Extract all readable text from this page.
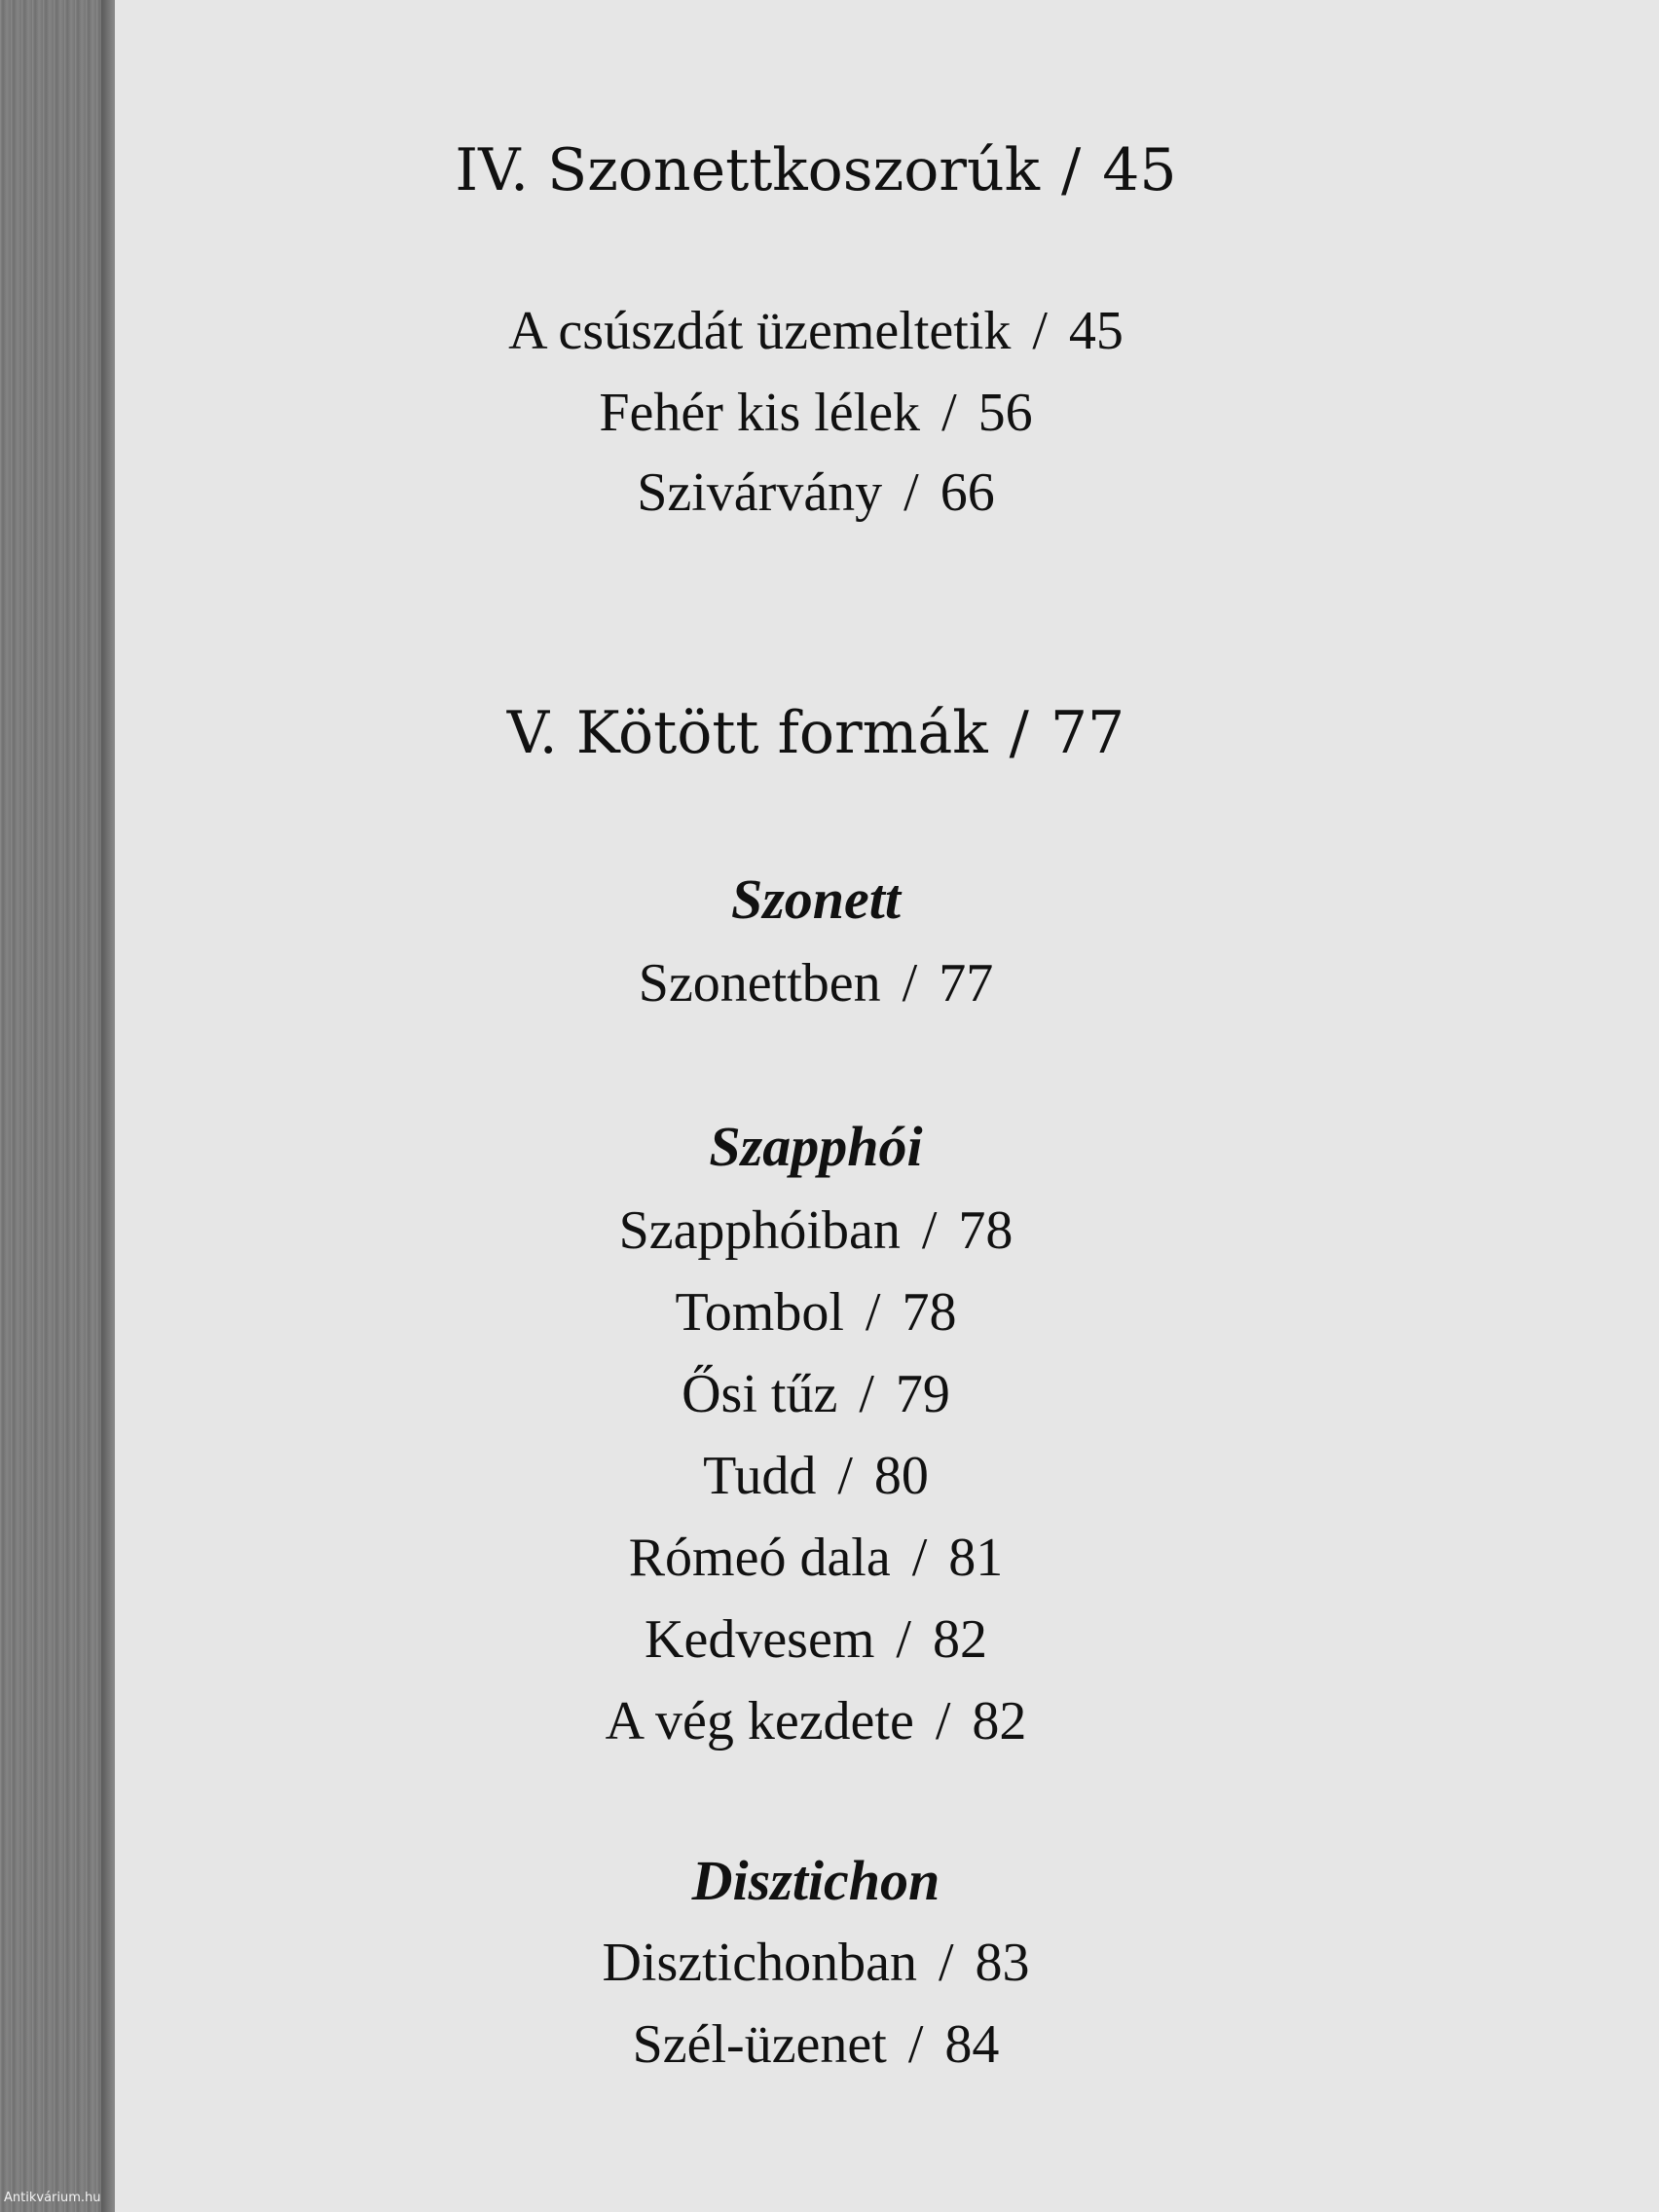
IV. Szonettkoszorúk / 45
A csúszdát üzemeltetik / 45
Fehér kis lélek / 56
Szivárvány / 66
V. Kötött formák / 77
Szonett
Szonettben / 77
Szapphói
Szapphóiban / 78
Tombol / 78
Ősi tűz / 79
Tudd / 80
Rómeó dala / 81
Kedvesem / 82
A vég kezdete / 82
Disztichon
Disztichonban / 83
Szél-üzenet / 84
Antikvárium.hu
